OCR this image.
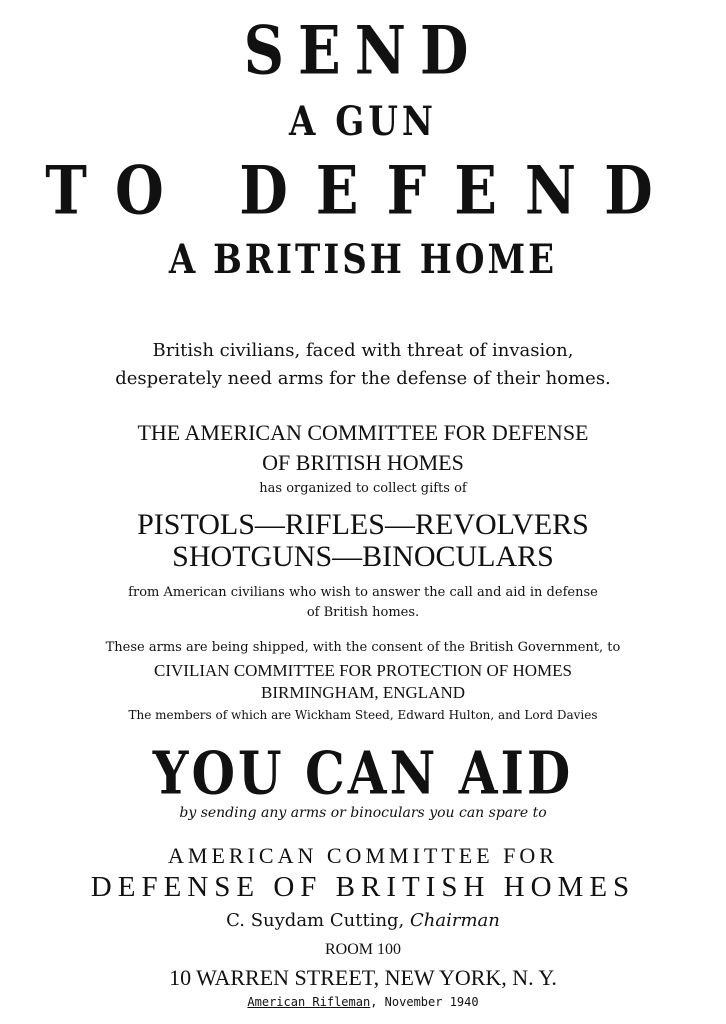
SEND

A GUN

TO DEFEND

A BRITISH HOME

British civilians, faced with threat of invasion,

desperately need arms for the defense of their homes.

THE AMERICAN COMMITTEE FOR DEFENSE

OF BRITISH HOMES

has organized to collect gifts of

PISTOLS—RIFLES—REVOLVERS

SHOTGUNS—BINOCULARS

from American civilians who wish to answer the call and aid in defense

of British homes.

These arms are being shipped, with the consent of the British Government, to

CIVILIAN COMMITTEE FOR PROTECTION OF HOMES

BIRMINGHAM, ENGLAND

The members of which are Wickham Steed, Edward Hulton, and Lord Davies

YOU CAN AID

by sending any arms or binoculars you can spare to

AMERICAN COMMITTEE FOR

DEFENSE OF BRITISH HOMES

C. Suydam Cutting, Chairman

ROOM 100

10 WARREN STREET, NEW YORK, N. Y.

American Rifleman, November 1940
